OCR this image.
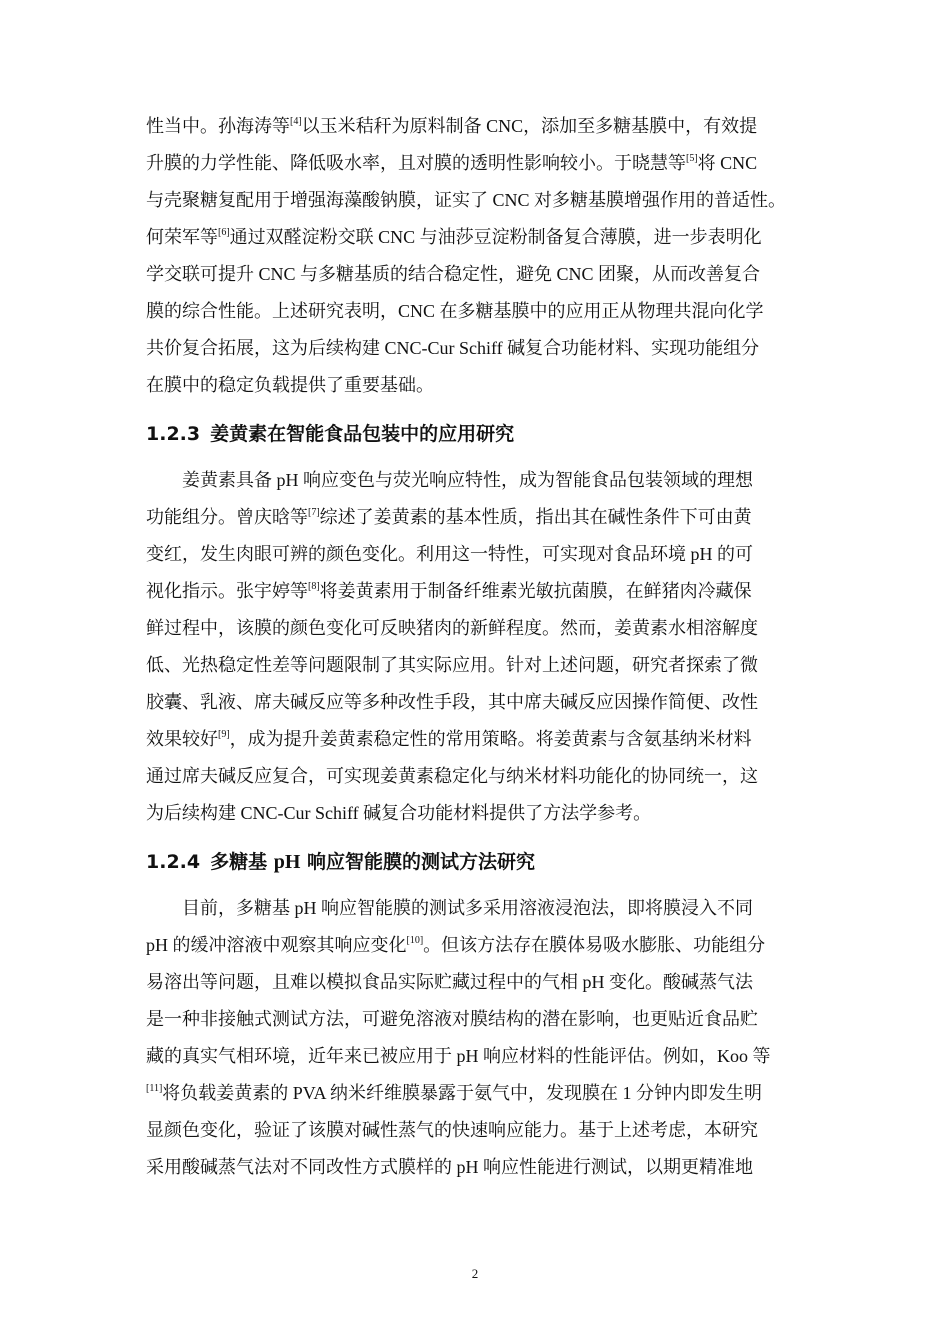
性当中。孙海涛等[4]以玉米秸秆为原料制备 CNC，添加至多糖基膜中，有效提
升膜的力学性能、降低吸水率，且对膜的透明性影响较小。于晓慧等[5]将 CNC
与壳聚糖复配用于增强海藻酸钠膜，证实了 CNC 对多糖基膜增强作用的普适性。
何荣军等[6]通过双醛淀粉交联 CNC 与油莎豆淀粉制备复合薄膜，进一步表明化
学交联可提升 CNC 与多糖基质的结合稳定性，避免 CNC 团聚，从而改善复合
膜的综合性能。上述研究表明，CNC 在多糖基膜中的应用正从物理共混向化学
共价复合拓展，这为后续构建 CNC-Cur Schiff 碱复合功能材料、实现功能组分
在膜中的稳定负载提供了重要基础。
1.2.3 姜黄素在智能食品包装中的应用研究
姜黄素具备 pH 响应变色与荧光响应特性，成为智能食品包装领域的理想
功能组分。曾庆晗等[7]综述了姜黄素的基本性质，指出其在碱性条件下可由黄
变红，发生肉眼可辨的颜色变化。利用这一特性，可实现对食品环境 pH 的可
视化指示。张宇婷等[8]将姜黄素用于制备纤维素光敏抗菌膜，在鲜猪肉冷藏保
鲜过程中，该膜的颜色变化可反映猪肉的新鲜程度。然而，姜黄素水相溶解度
低、光热稳定性差等问题限制了其实际应用。针对上述问题，研究者探索了微
胶囊、乳液、席夫碱反应等多种改性手段，其中席夫碱反应因操作简便、改性
效果较好[9]，成为提升姜黄素稳定性的常用策略。将姜黄素与含氨基纳米材料
通过席夫碱反应复合，可实现姜黄素稳定化与纳米材料功能化的协同统一，这
为后续构建 CNC-Cur Schiff 碱复合功能材料提供了方法学参考。
1.2.4 多糖基 pH 响应智能膜的测试方法研究
目前，多糖基 pH 响应智能膜的测试多采用溶液浸泡法，即将膜浸入不同
pH 的缓冲溶液中观察其响应变化[10]。但该方法存在膜体易吸水膨胀、功能组分
易溶出等问题，且难以模拟食品实际贮藏过程中的气相 pH 变化。酸碱蒸气法
是一种非接触式测试方法，可避免溶液对膜结构的潜在影响，也更贴近食品贮
藏的真实气相环境，近年来已被应用于 pH 响应材料的性能评估。例如，Koo 等
[11]将负载姜黄素的 PVA 纳米纤维膜暴露于氨气中，发现膜在 1 分钟内即发生明
显颜色变化，验证了该膜对碱性蒸气的快速响应能力。基于上述考虑，本研究
采用酸碱蒸气法对不同改性方式膜样的 pH 响应性能进行测试，以期更精准地
2
